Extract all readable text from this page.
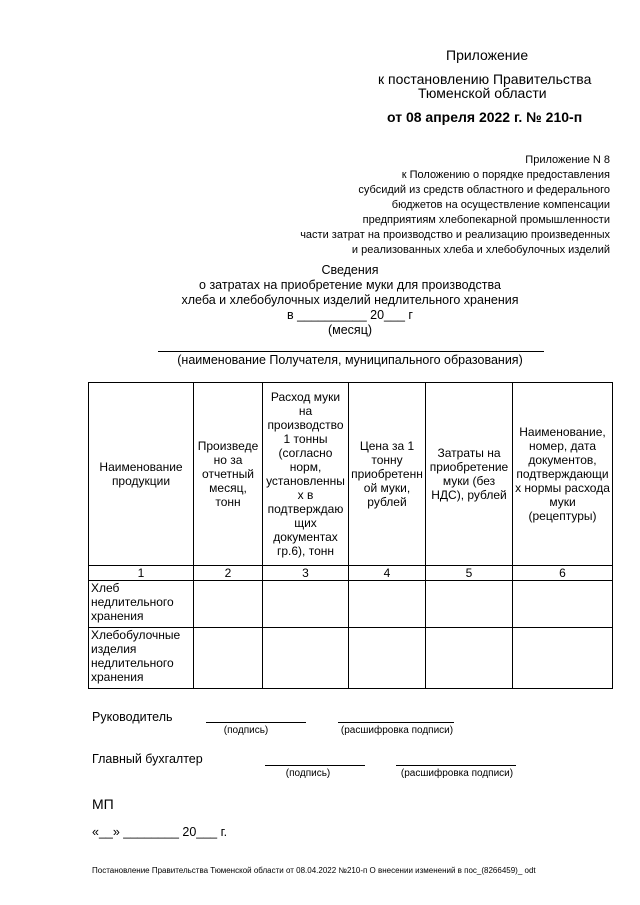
Приложение
к постановлению Правительства
Тюменской области
от 08 апреля 2022 г. № 210-п
Приложение N 8
к Положению о порядке предоставления
субсидий из средств областного и федерального
бюджетов на осуществление компенсации
предприятиям хлебопекарной промышленности
части затрат на производство и реализацию произведенных
и реализованных хлеба и хлебобулочных изделий
Сведения
о затратах на приобретение муки для производства
хлеба и хлебобулочных изделий недлительного хранения
в __________ 20___ г
(месяц)
(наименование Получателя, муниципального образования)
Наименование продукции	Произведено за отчетный месяц, тонн	Расход муки на производство 1 тонны (согласно норм, установленных в подтверждающих документах гр.6), тонн	Цена за 1 тонну приобретенной муки, рублей	Затраты на приобретение муки (без НДС), рублей	Наименование, номер, дата документов, подтверждающих нормы расхода муки (рецептуры)
1	2	3	4	5	6
Хлеб недлительного хранения					
Хлебобулочные изделия недлительного хранения					
Руководитель
(подпись)	(расшифровка подписи)
Главный бухгалтер
(подпись)	(расшифровка подписи)
МП
«__» ________ 20___ г.
Постановление Правительства Тюменской области от 08.04.2022 №210-п О внесении изменений в пос_(8266459)_ odt
